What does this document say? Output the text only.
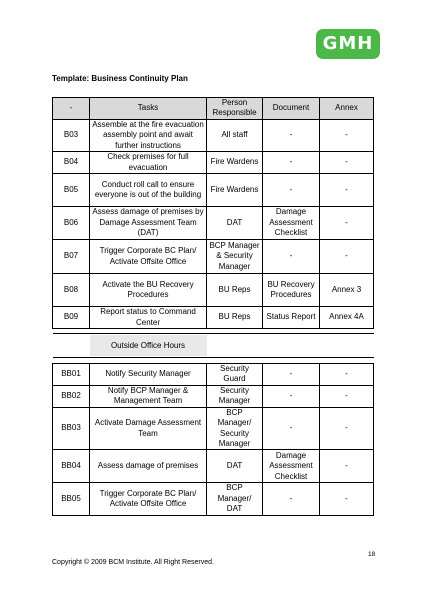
GMH
Template: Business Continuity Plan
-	Tasks	Person Responsible	Document	Annex
B03	Assemble at the fire evacuation assembly point and await further instructions	All staff	-	-
B04	Check premises for full evacuation	Fire Wardens	-	-
B05	Conduct roll call to ensure everyone is out of the building	Fire Wardens	-	-
B06	Assess damage of premises by Damage Assessment Team (DAT)	DAT	Damage Assessment Checklist	-
B07	Trigger Corporate BC Plan/ Activate Offsite Office	BCP Manager & Security Manager	-	-
B08	Activate the BU Recovery Procedures	BU Reps	BU Recovery Procedures	Annex 3
B09	Report status to Command Center	BU Reps	Status Report	Annex 4A

	Outside Office Hours			

BB01	Notify Security Manager	Security Guard	-	-
BB02	Notify BCP Manager & Management Team	Security Manager	-	-
BB03	Activate Damage Assessment Team	BCP Manager/ Security Manager	-	-
BB04	Assess damage of premises	DAT	Damage Assessment Checklist	-
BB05	Trigger Corporate BC Plan/ Activate Offsite Office	BCP Manager/ DAT	-	-
18
Copyright © 2009 BCM Institute. All Right Reserved.
